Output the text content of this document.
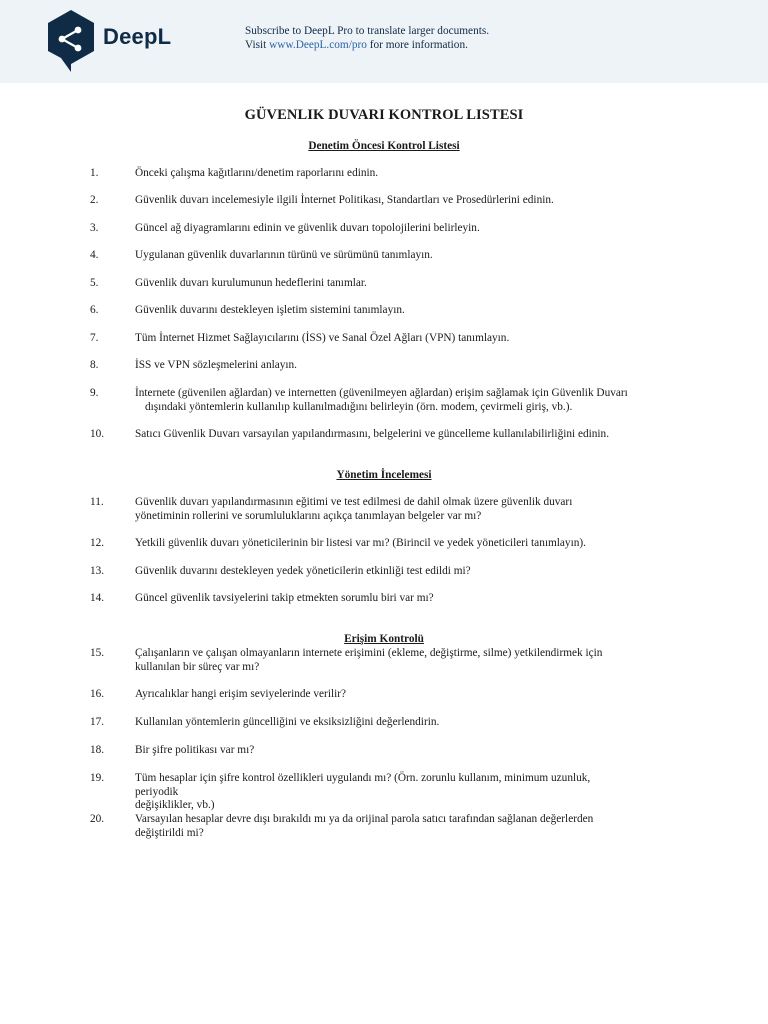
DeepL	Subscribe to DeepL Pro to translate larger documents.
Visit www.DeepL.com/pro for more information.
GÜVENLIK DUVARI KONTROL LISTESI
Denetim Öncesi Kontrol Listesi
1.	Önceki çalışma kağıtlarını/denetim raporlarını edinin.
2.	Güvenlik duvarı incelemesiyle ilgili İnternet Politikası, Standartları ve Prosedürlerini edinin.
3.	Güncel ağ diyagramlarını edinin ve güvenlik duvarı topolojilerini belirleyin.
4.	Uygulanan güvenlik duvarlarının türünü ve sürümünü tanımlayın.
5.	Güvenlik duvarı kurulumunun hedeflerini tanımlar.
6.	Güvenlik duvarını destekleyen işletim sistemini tanımlayın.
7.	Tüm İnternet Hizmet Sağlayıcılarını (İSS) ve Sanal Özel Ağları (VPN) tanımlayın.
8.	İSS ve VPN sözleşmelerini anlayın.
9.	İnternete (güvenilen ağlardan) ve internetten (güvenilmeyen ağlardan) erişim sağlamak için Güvenlik Duvarı
dışındaki yöntemlerin kullanılıp kullanılmadığını belirleyin (örn. modem, çevirmeli giriş, vb.).
10.	Satıcı Güvenlik Duvarı varsayılan yapılandırmasını, belgelerini ve güncelleme kullanılabilirliğini edinin.
Yönetim İncelemesi
11.	Güvenlik duvarı yapılandırmasının eğitimi ve test edilmesi de dahil olmak üzere güvenlik duvarı
yönetiminin rollerini ve sorumluluklarını açıkça tanımlayan belgeler var mı?
12.	Yetkili güvenlik duvarı yöneticilerinin bir listesi var mı? (Birincil ve yedek yöneticileri tanımlayın).
13.	Güvenlik duvarını destekleyen yedek yöneticilerin etkinliği test edildi mi?
14.	Güncel güvenlik tavsiyelerini takip etmekten sorumlu biri var mı?
Erişim Kontrolü
15.	Çalışanların ve çalışan olmayanların internete erişimini (ekleme, değiştirme, silme) yetkilendirmek için
kullanılan bir süreç var mı?
16.	Ayrıcalıklar hangi erişim seviyelerinde verilir?
17.	Kullanılan yöntemlerin güncelliğini ve eksiksizliğini değerlendirin.
18.	Bir şifre politikası var mı?
19.	Tüm hesaplar için şifre kontrol özellikleri uygulandı mı? (Örn. zorunlu kullanım, minimum uzunluk, periyodik
değişiklikler, vb.)
20.	Varsayılan hesaplar devre dışı bırakıldı mı ya da orijinal parola satıcı tarafından sağlanan değerlerden
değiştirildi mi?
